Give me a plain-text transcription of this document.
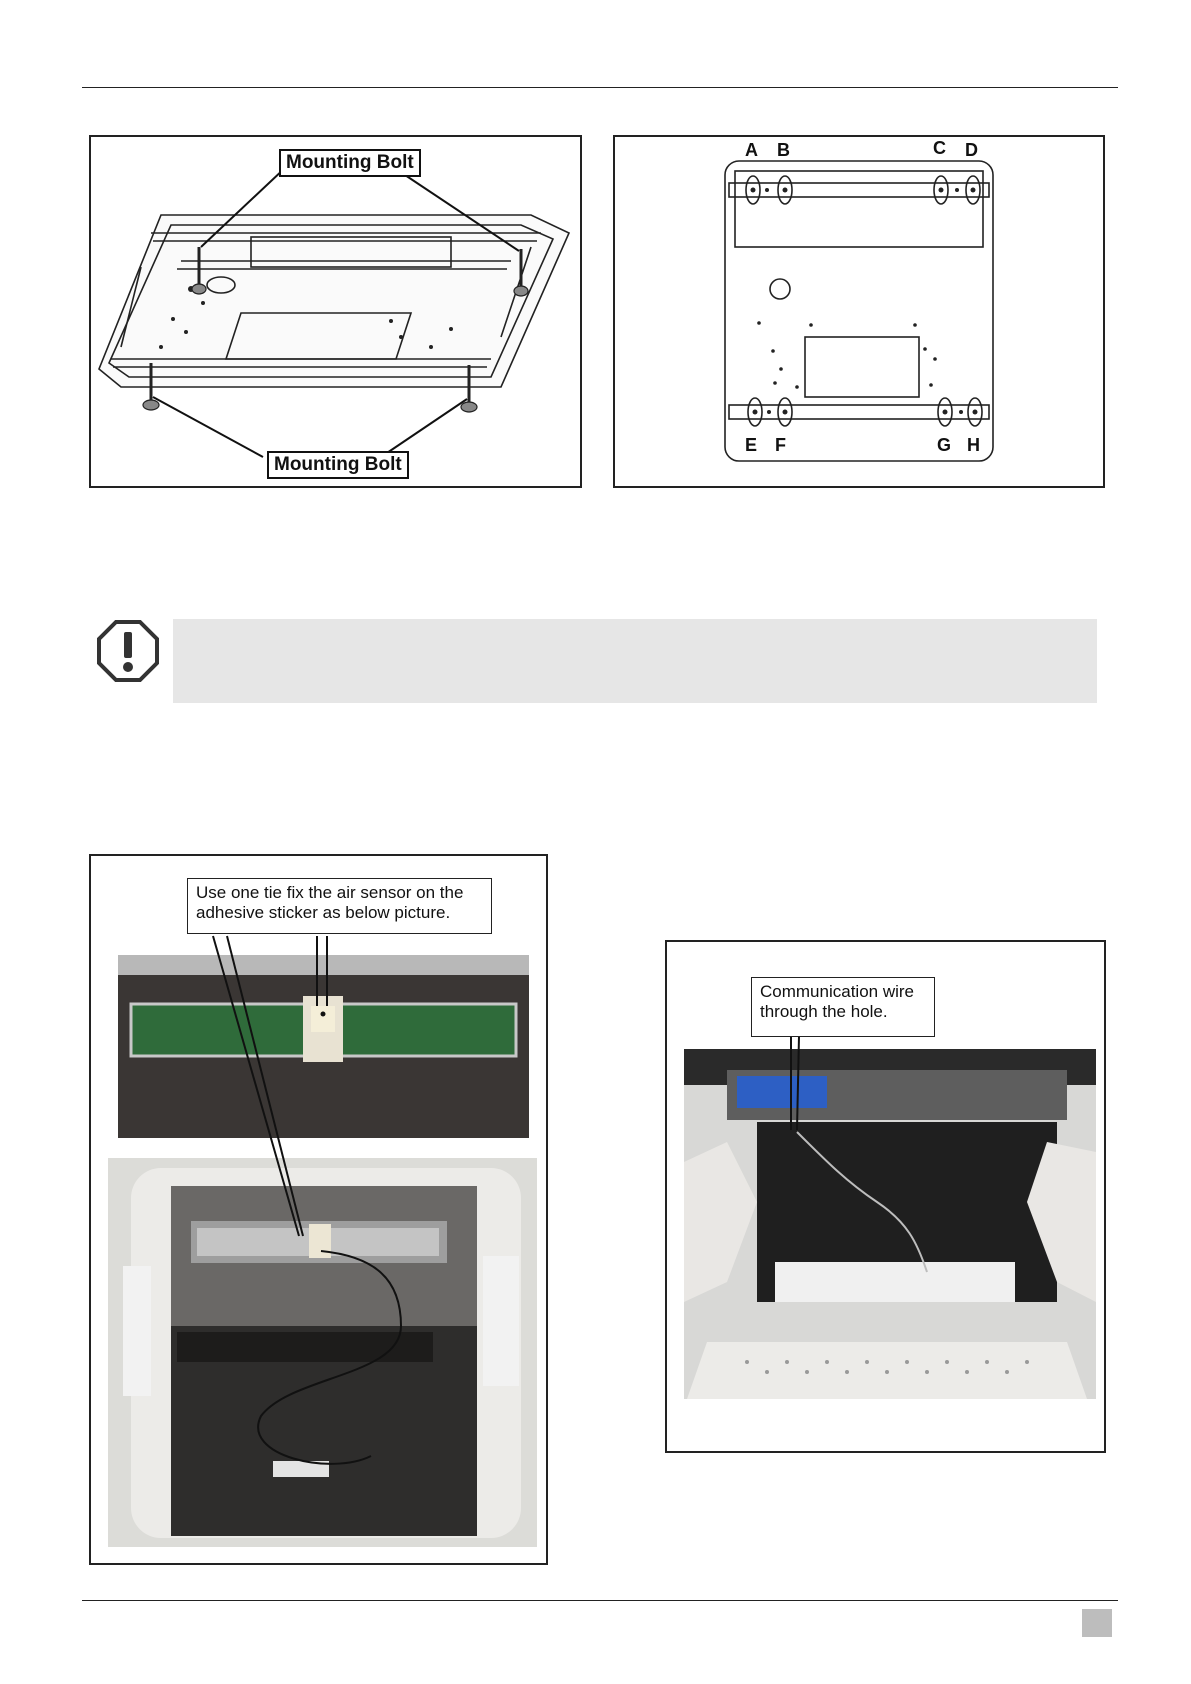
Mounting Bolt
Mounting Bolt
A B	C D
E F	G H
Use one tie fix the air sensor on the adhesive sticker as below picture.
Communication wire through the hole.
